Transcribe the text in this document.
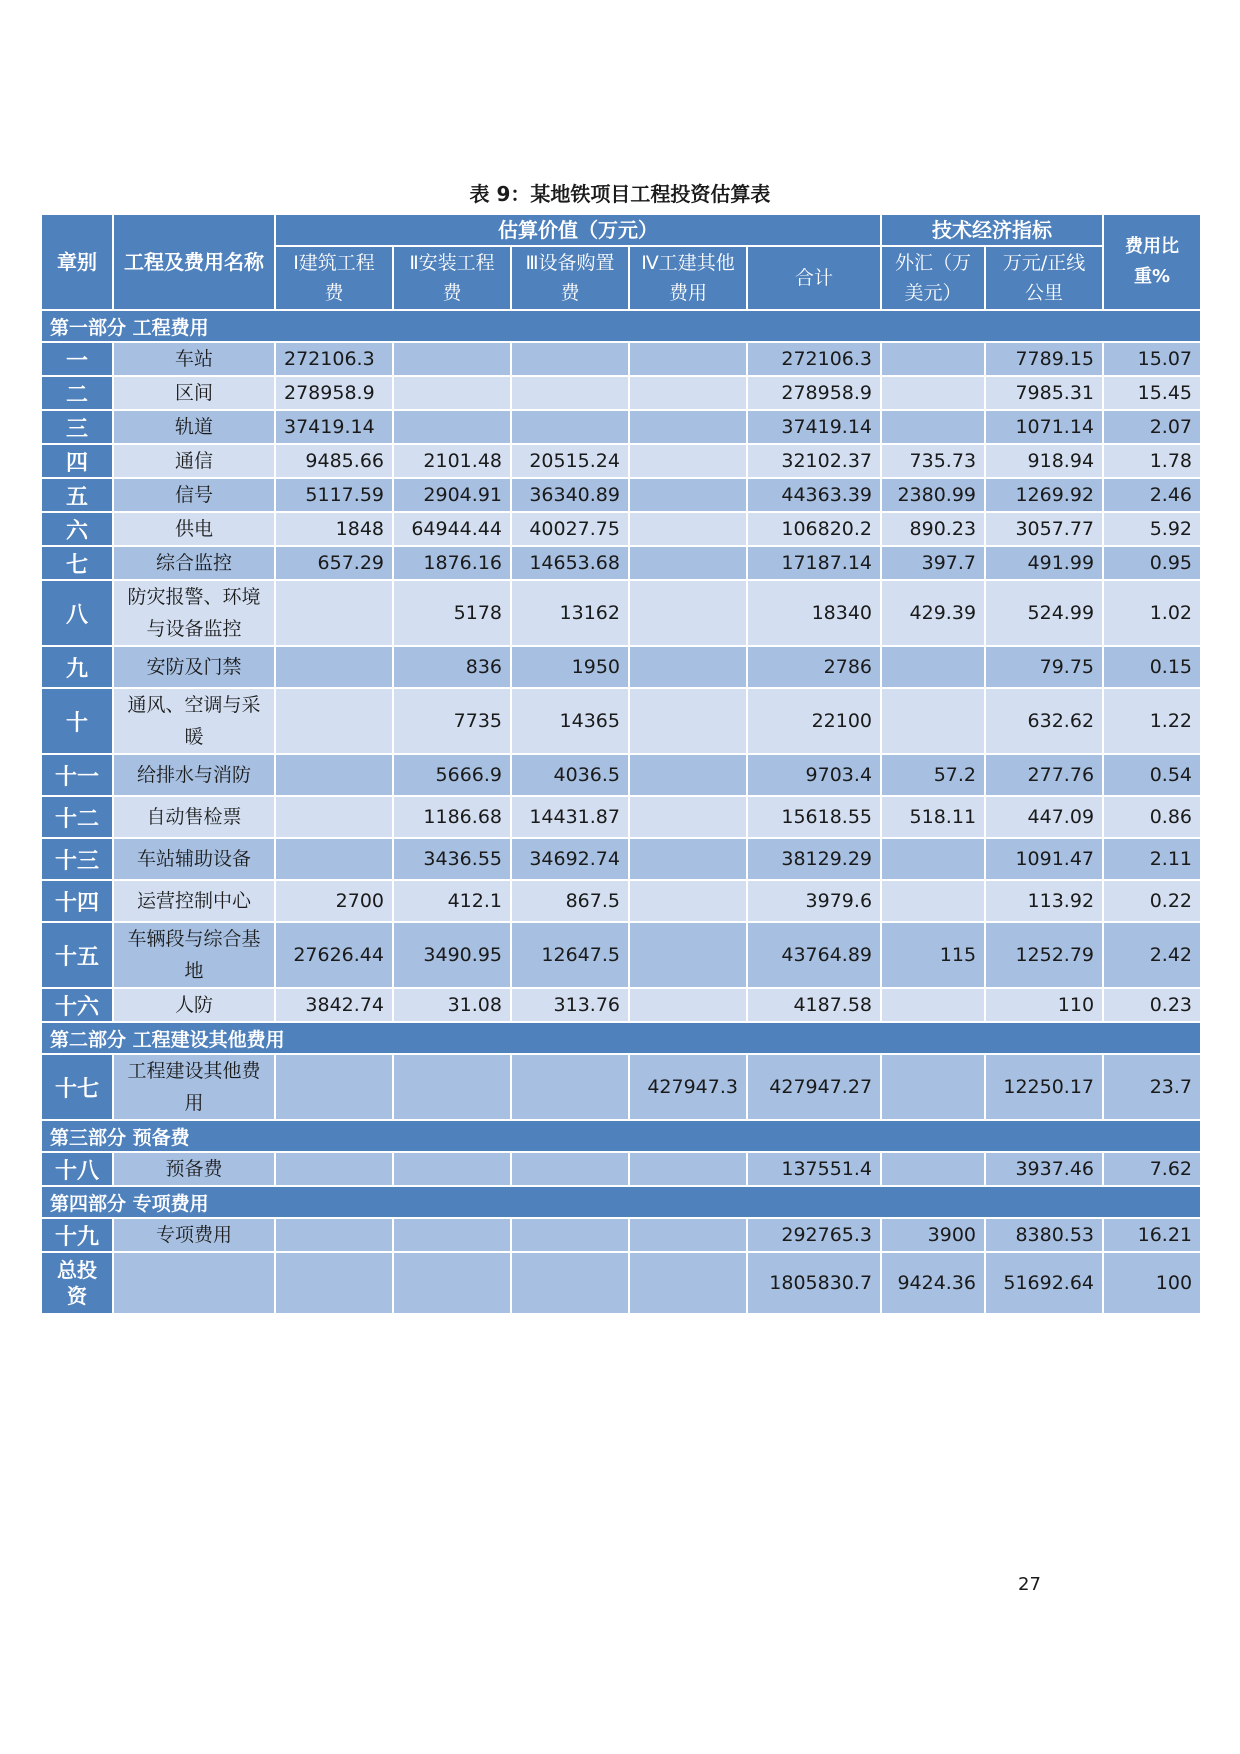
表 9：某地铁项目工程投资估算表
章别	工程及费用名称	估算价值（万元）					技术经济指标		费用比重%
		Ⅰ建筑工程费	Ⅱ安装工程费	Ⅲ设备购置费	Ⅳ工建其他费用	合计	外汇（万美元）	万元/正线公里	
第一部分 工程费用									
一	车站	272106.3				272106.3		7789.15	15.07
二	区间	278958.9				278958.9		7985.31	15.45
三	轨道	37419.14				37419.14		1071.14	2.07
四	通信	9485.66	2101.48	20515.24		32102.37	735.73	918.94	1.78
五	信号	5117.59	2904.91	36340.89		44363.39	2380.99	1269.92	2.46
六	供电	1848	64944.44	40027.75		106820.2	890.23	3057.77	5.92
七	综合监控	657.29	1876.16	14653.68		17187.14	397.7	491.99	0.95
八	防灾报警、环境与设备监控		5178	13162		18340	429.39	524.99	1.02
九	安防及门禁		836	1950		2786		79.75	0.15
十	通风、空调与采暖		7735	14365		22100		632.62	1.22
十一	给排水与消防		5666.9	4036.5		9703.4	57.2	277.76	0.54
十二	自动售检票		1186.68	14431.87		15618.55	518.11	447.09	0.86
十三	车站辅助设备		3436.55	34692.74		38129.29		1091.47	2.11
十四	运营控制中心	2700	412.1	867.5		3979.6		113.92	0.22
十五	车辆段与综合基地	27626.44	3490.95	12647.5		43764.89	115	1252.79	2.42
十六	人防	3842.74	31.08	313.76		4187.58		110	0.23
第二部分 工程建设其他费用									
十七	工程建设其他费用				427947.3	427947.27		12250.17	23.7
第三部分 预备费									
十八	预备费					137551.4		3937.46	7.62
第四部分 专项费用									
十九	专项费用					292765.3	3900	8380.53	16.21
总投资						1805830.7	9424.36	51692.64	100
27
